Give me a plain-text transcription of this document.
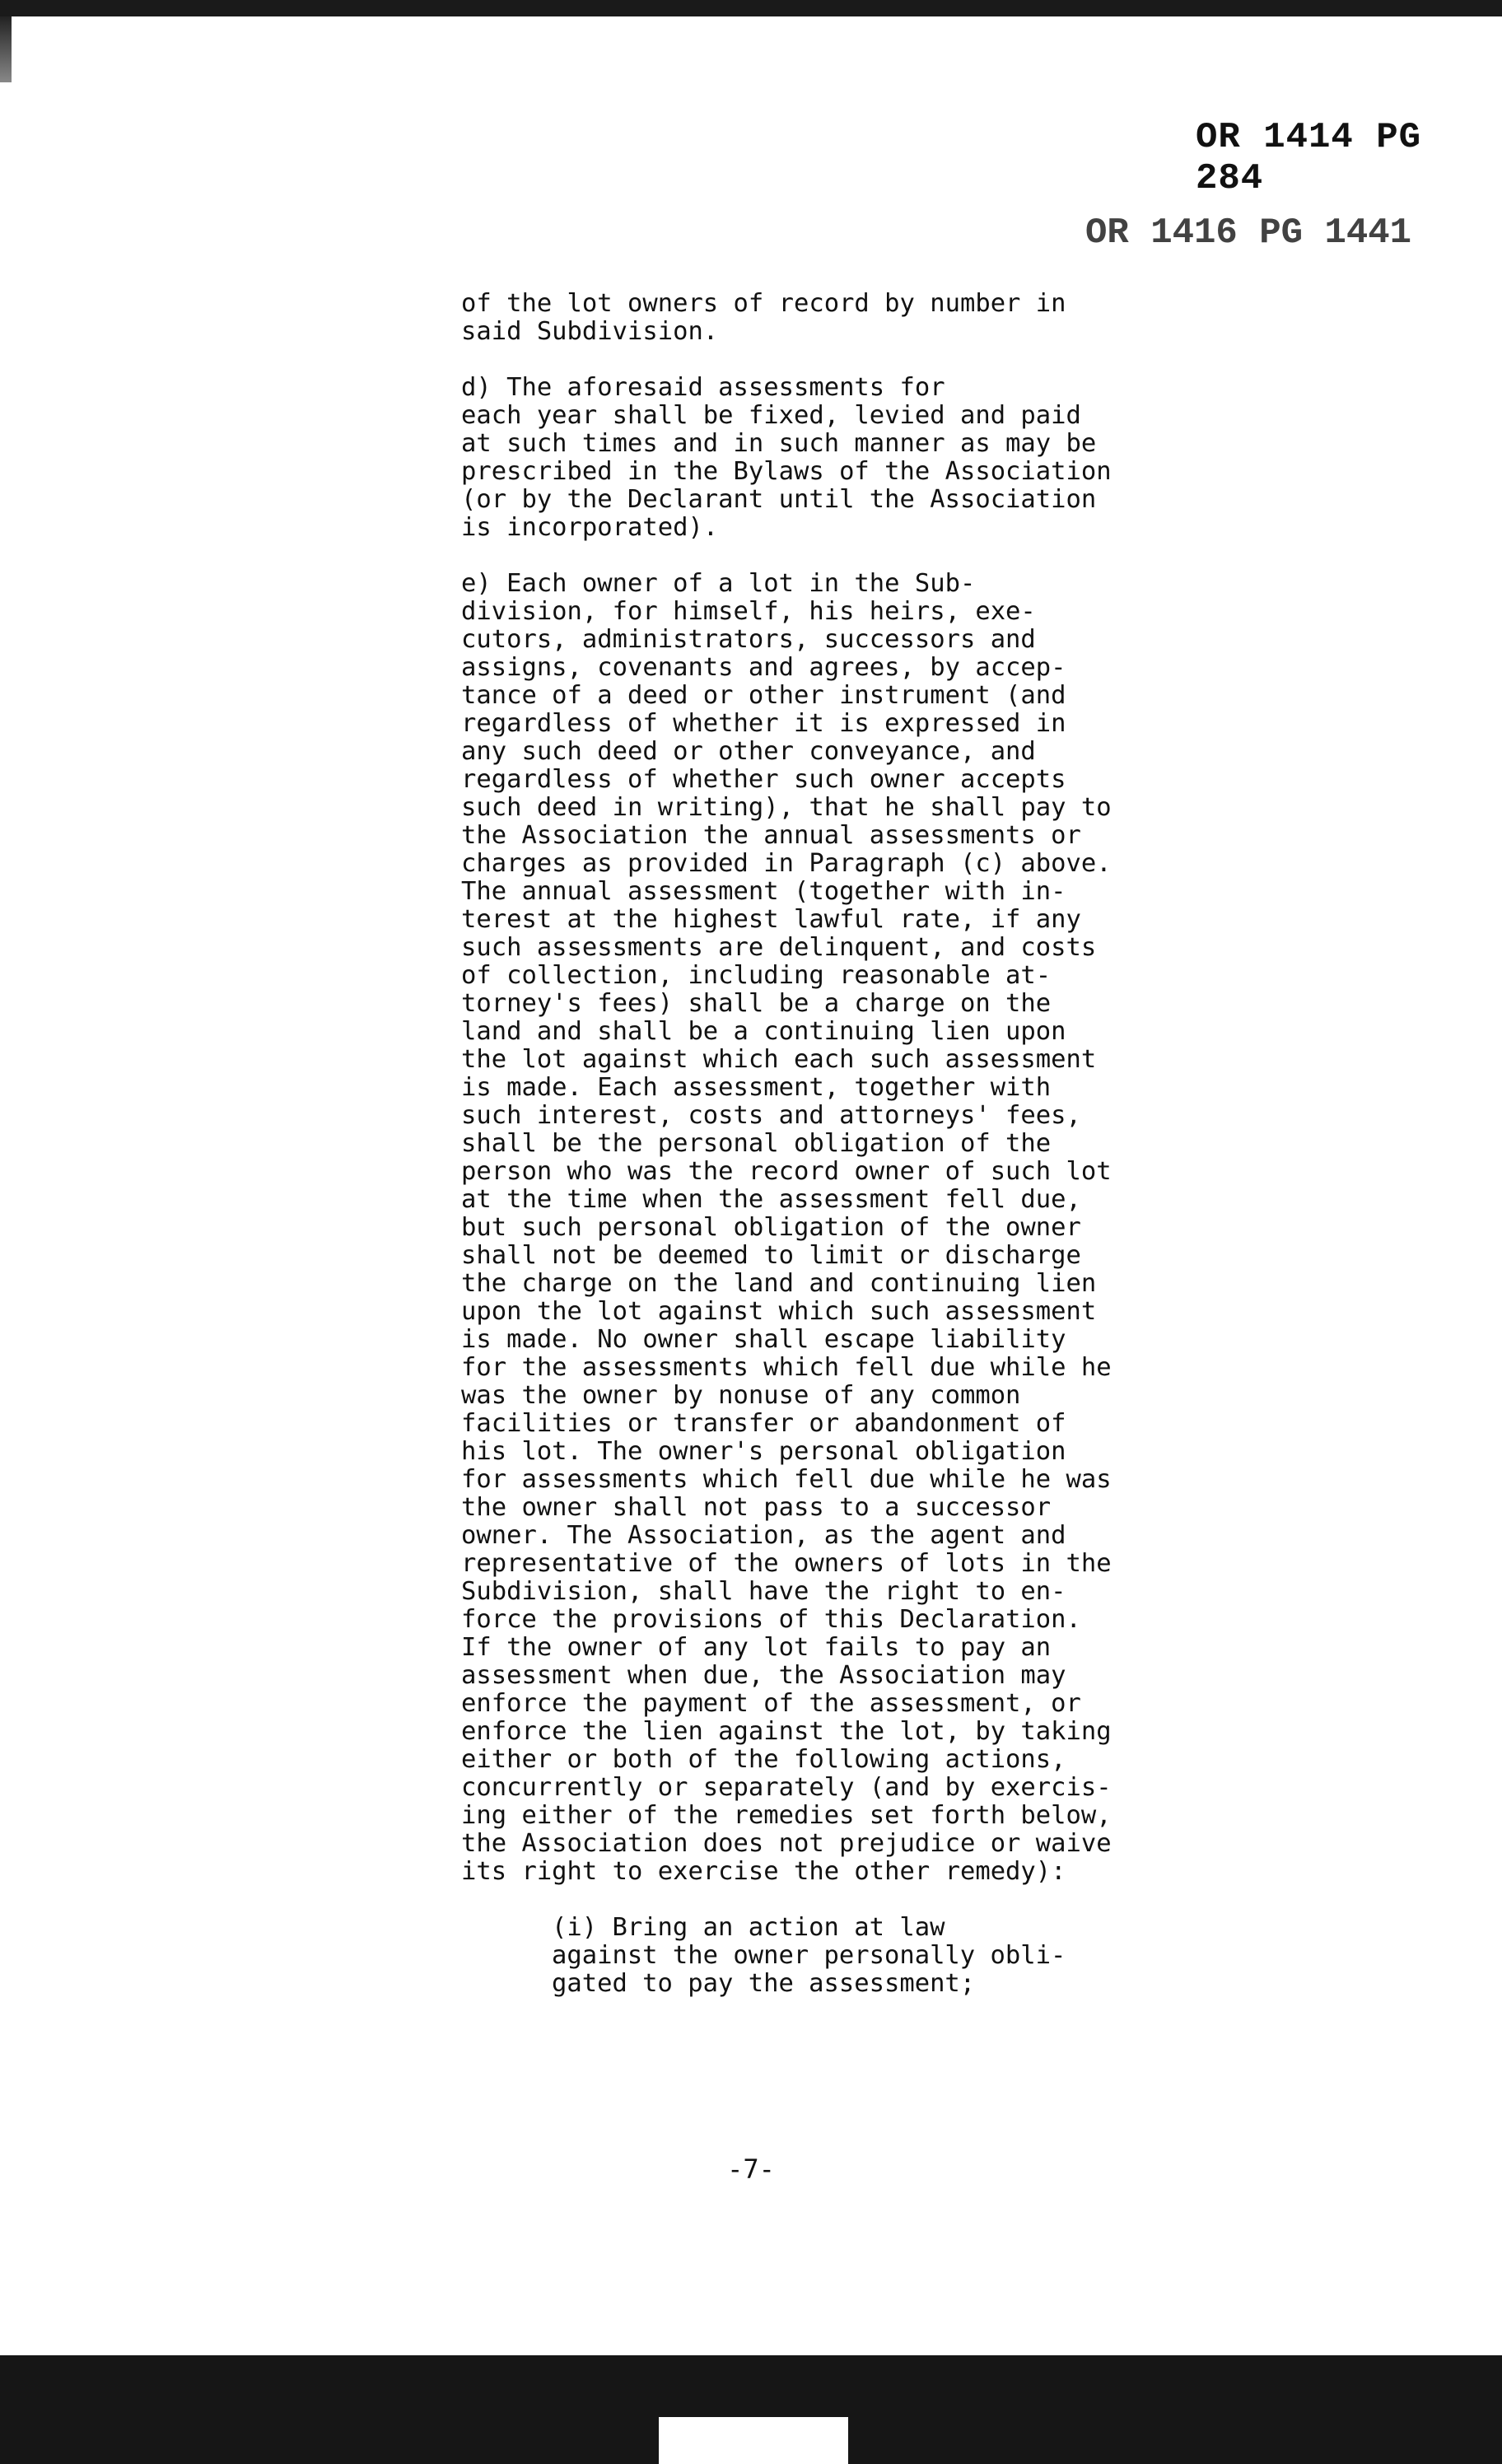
OR 1414 PG 284
OR 1416 PG 1441

of the lot owners of record by number in
said Subdivision.

d) The aforesaid assessments for
each year shall be fixed, levied and paid
at such times and in such manner as may be
prescribed in the Bylaws of the Association
(or by the Declarant until the Association
is incorporated).

e) Each owner of a lot in the Sub-
division, for himself, his heirs, exe-
cutors, administrators, successors and
assigns, covenants and agrees, by accep-
tance of a deed or other instrument (and
regardless of whether it is expressed in
any such deed or other conveyance, and
regardless of whether such owner accepts
such deed in writing), that he shall pay to
the Association the annual assessments or
charges as provided in Paragraph (c) above.
The annual assessment (together with in-
terest at the highest lawful rate, if any
such assessments are delinquent, and costs
of collection, including reasonable at-
torney's fees) shall be a charge on the
land and shall be a continuing lien upon
the lot against which each such assessment
is made. Each assessment, together with
such interest, costs and attorneys' fees,
shall be the personal obligation of the
person who was the record owner of such lot
at the time when the assessment fell due,
but such personal obligation of the owner
shall not be deemed to limit or discharge
the charge on the land and continuing lien
upon the lot against which such assessment
is made. No owner shall escape liability
for the assessments which fell due while he
was the owner by nonuse of any common
facilities or transfer or abandonment of
his lot. The owner's personal obligation
for assessments which fell due while he was
the owner shall not pass to a successor
owner. The Association, as the agent and
representative of the owners of lots in the
Subdivision, shall have the right to en-
force the provisions of this Declaration.
If the owner of any lot fails to pay an
assessment when due, the Association may
enforce the payment of the assessment, or
enforce the lien against the lot, by taking
either or both of the following actions,
concurrently or separately (and by exercis-
ing either of the remedies set forth below,
the Association does not prejudice or waive
its right to exercise the other remedy):

(i) Bring an action at law
against the owner personally obli-
gated to pay the assessment;

-7-
